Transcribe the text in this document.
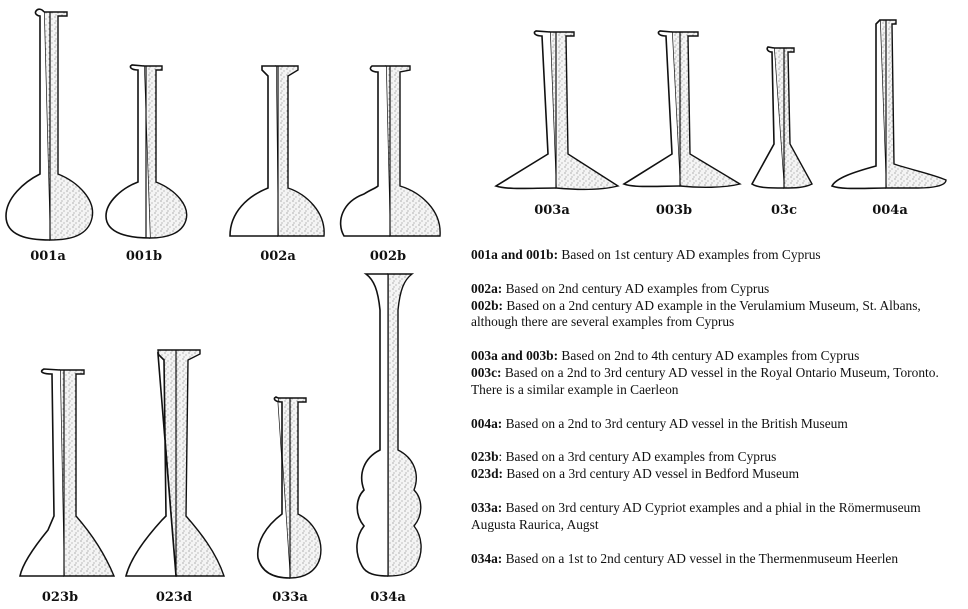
001a	001b	002a	002b
003a	003b	03c	004a
023b	023d	033a	034a

001a and 001b: Based on 1st century AD examples from Cyprus

002a: Based on 2nd century AD examples from Cyprus

002b: Based on a 2nd century AD example in the Verulamium Museum, St. Albans, although there are several examples from Cyprus

003a and 003b: Based on 2nd to 4th century AD examples from Cyprus

003c: Based on a 2nd to 3rd century AD vessel in the Royal Ontario Museum, Toronto. There is a similar example in Caerleon

004a: Based on a 2nd to 3rd century AD vessel in the British Museum

023b: Based on a 3rd century AD examples from Cyprus

023d: Based on a 3rd century AD vessel in Bedford Museum

033a: Based on 3rd century AD Cypriot examples and a phial in the Römermuseum Augusta Raurica, Augst

034a: Based on a 1st to 2nd century AD vessel in the Thermenmuseum Heerlen
